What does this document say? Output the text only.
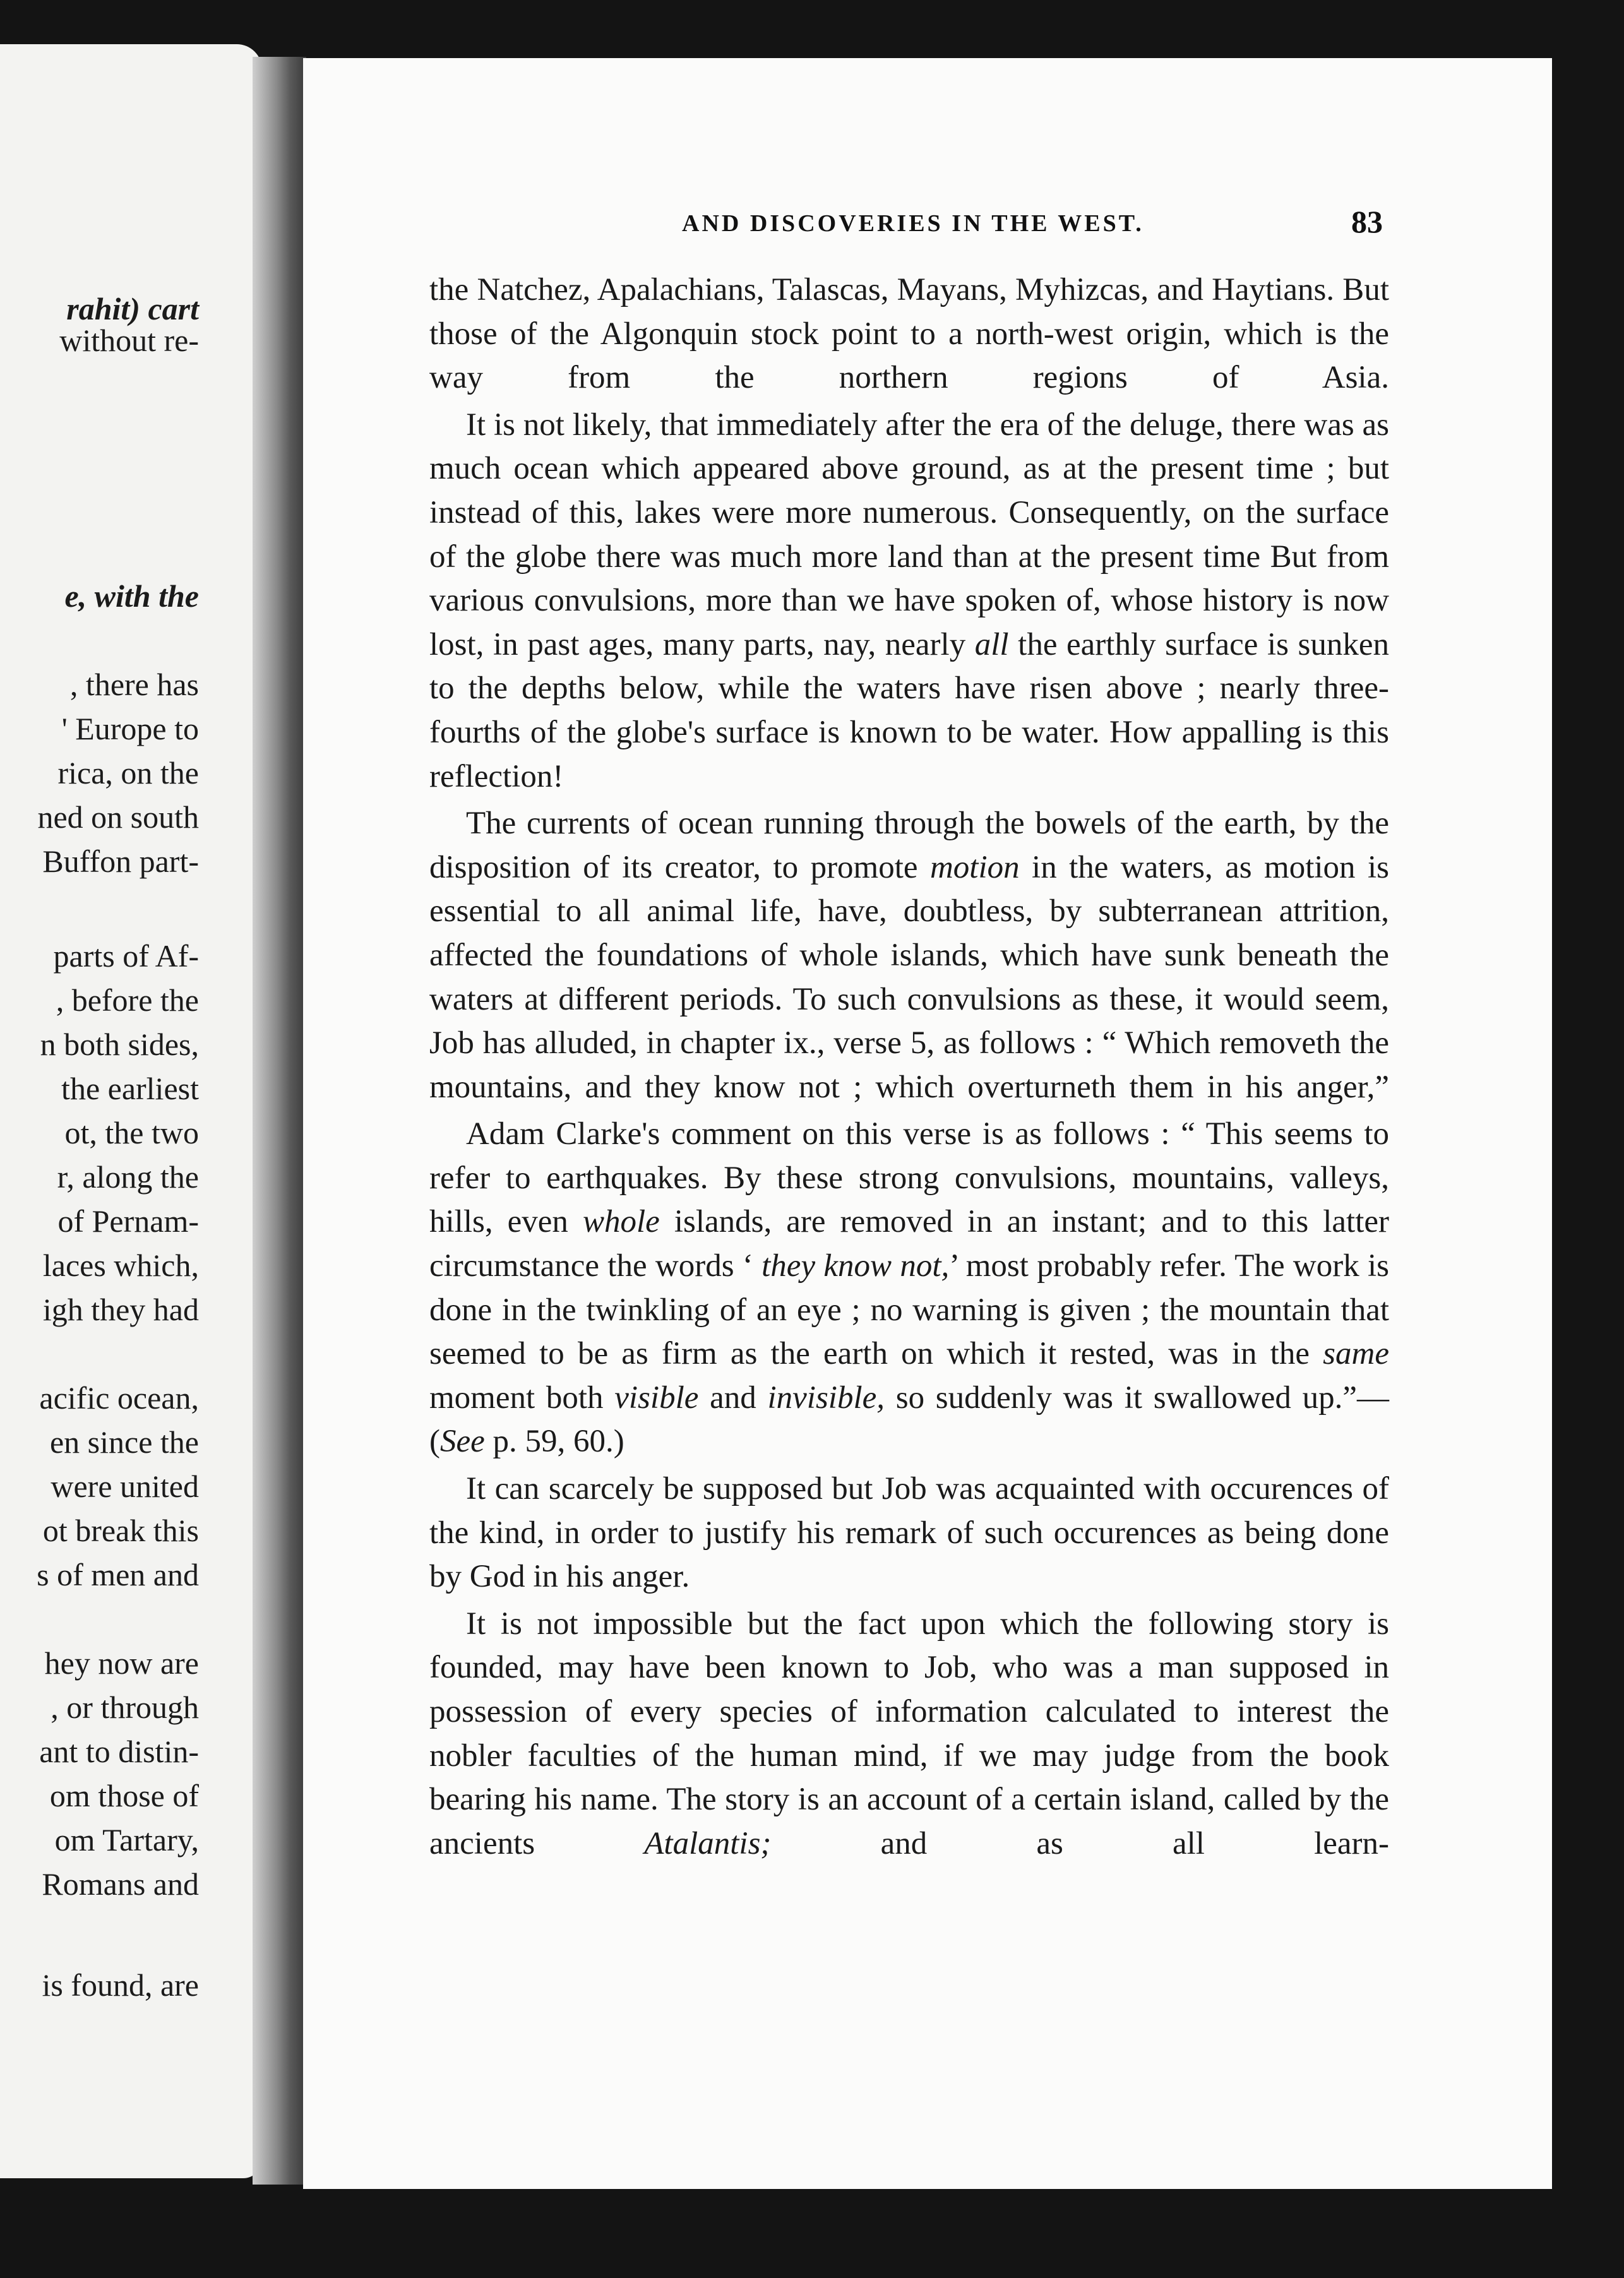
rahit) cart
without re-
e, with the
, there has
' Europe to
rica, on the
ned on south
Buffon part-
parts of Af-
, before the
n both sides,
the earliest
ot, the two
r, along the
of Pernam-
laces which,
igh they had
acific ocean,
en since the
were united
ot break this
s of men and
hey now are
, or through
ant to distin-
om those of
om Tartary,
Romans and
is found, are
AND DISCOVERIES IN THE WEST.	83

the Natchez, Apalachians, Talascas, Mayans, Myhizcas, and Haytians. But those of the Algonquin stock point to a north-west origin, which is the way from the northern regions of Asia.

It is not likely, that immediately after the era of the deluge, there was as much ocean which appeared above ground, as at the present time ; but instead of this, lakes were more numerous. Consequently, on the surface of the globe there was much more land than at the present time But from various convulsions, more than we have spoken of, whose history is now lost, in past ages, many parts, nay, nearly all the earthly surface is sunken to the depths below, while the waters have risen above ; nearly three-fourths of the globe's surface is known to be water. How appalling is this reflection!

The currents of ocean running through the bowels of the earth, by the disposition of its creator, to promote motion in the waters, as motion is essential to all animal life, have, doubtless, by subterranean attrition, affected the foundations of whole islands, which have sunk beneath the waters at different periods. To such convulsions as these, it would seem, Job has alluded, in chapter ix., verse 5, as follows : “ Which removeth the mountains, and they know not ; which overturneth them in his anger,”

Adam Clarke's comment on this verse is as follows : “ This seems to refer to earthquakes. By these strong convulsions, mountains, valleys, hills, even whole islands, are removed in an instant; and to this latter circumstance the words ‘ they know not,’ most probably refer. The work is done in the twinkling of an eye ; no warning is given ; the mountain that seemed to be as firm as the earth on which it rested, was in the same moment both visible and invisible, so suddenly was it swallowed up.”—(See p. 59, 60.)

It can scarcely be supposed but Job was acquainted with occurences of the kind, in order to justify his remark of such occurences as being done by God in his anger.

It is not impossible but the fact upon which the following story is founded, may have been known to Job, who was a man supposed in possession of every species of information calculated to interest the nobler faculties of the human mind, if we may judge from the book bearing his name. The story is an account of a certain island, called by the ancients Atalantis; and as all learn-
